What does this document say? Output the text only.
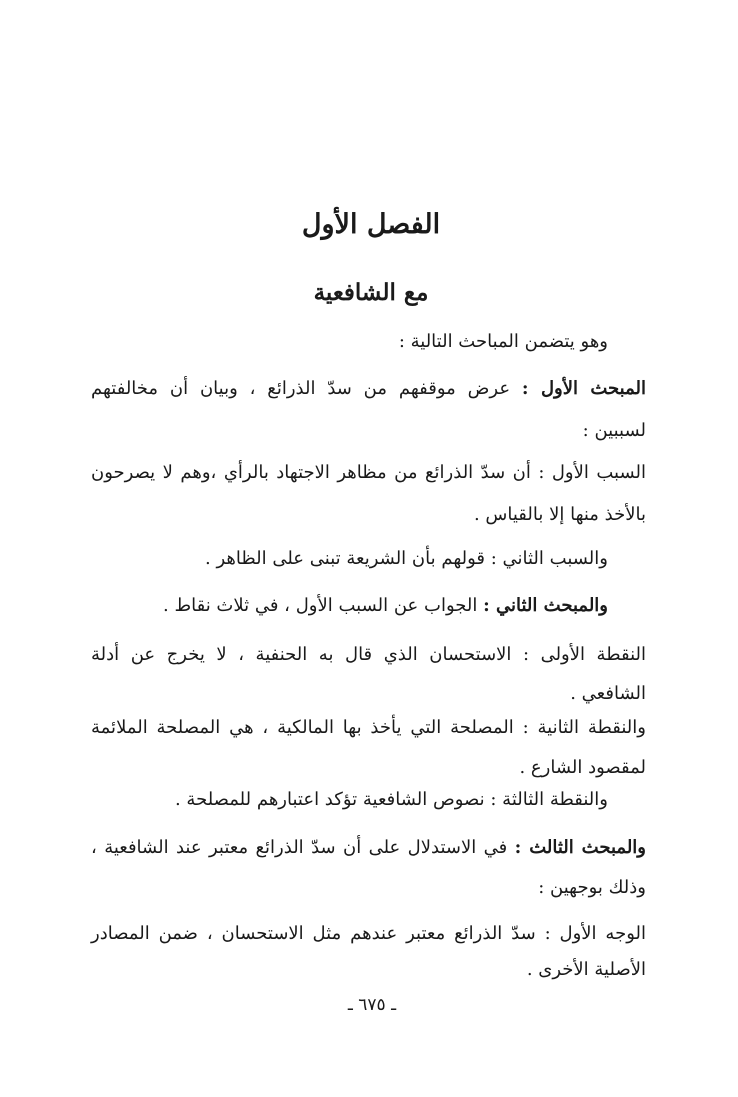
الفصل الأول
مع الشافعية
وهو يتضمن المباحث التالية :
المبحث الأول : عرض موقفهم من سدّ الذرائع ، وبيان أن مخالفتهم
لسببين :
السبب الأول : أن سدّ الذرائع من مظاهر الاجتهاد بالرأي ،وهم لا يصرحون
بالأخذ منها إلا بالقياس .
والسبب الثاني : قولهم بأن الشريعة تبنى على الظاهر .
والمبحث الثاني : الجواب عن السبب الأول ، في ثلاث نقاط .
النقطة الأولى : الاستحسان الذي قال به الحنفية ، لا يخرج عن أدلة
الشافعي .
والنقطة الثانية : المصلحة التي يأخذ بها المالكية ، هي المصلحة الملائمة
لمقصود الشارع .
والنقطة الثالثة : نصوص الشافعية تؤكد اعتبارهم للمصلحة .
والمبحث الثالث : في الاستدلال على أن سدّ الذرائع معتبر عند الشافعية ،
وذلك بوجهين :
الوجه الأول : سدّ الذرائع معتبر عندهم مثل الاستحسان ، ضمن المصادر
الأصلية الأخرى .
ـ ٦٧٥ ـ
